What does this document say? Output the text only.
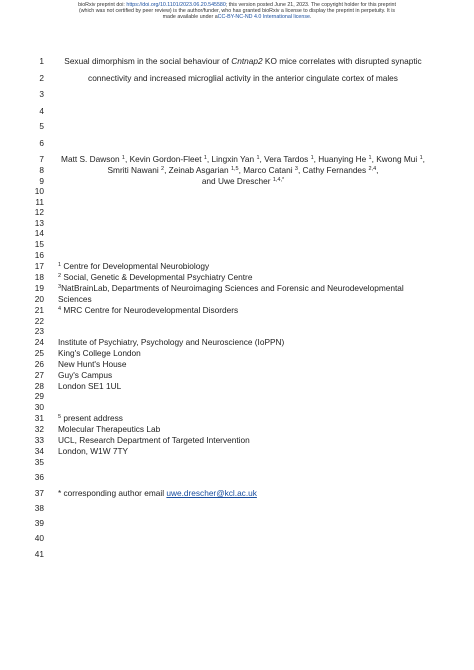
bioRxiv preprint doi: https://doi.org/10.1101/2023.06.20.545580; this version posted June 21, 2023. The copyright holder for this preprint
(which was not certified by peer review) is the author/funder, who has granted bioRxiv a license to display the preprint in perpetuity. It is
made available under aCC-BY-NC-ND 4.0 International license.
1
2
3
4
5
6
7
8
9
10
11
12
13
14
15
16
17
18
19
20
21
22
23
24
25
26
27
28
29
30
31
32
33
34
35
36
37
38
39
40
41
Sexual dimorphism in the social behaviour of Cntnap2 KO mice correlates with disrupted synaptic
connectivity and increased microglial activity in the anterior cingulate cortex of males
Matt S. Dawson $^1$, Kevin Gordon-Fleet $^1$, Lingxin Yan $^1$, Vera Tardos $^1$, Huanying He $^1$, Kwong Mui $^1$,
Smriti Nawani $^2$, Zeinab Asgarian $^{1,5}$, Marco Catani $^3$, Cathy Fernandes $^{2,4}$,
and Uwe Drescher $^{1,4,*}$
$^1$ Centre for Developmental Neurobiology
$^2$ Social, Genetic & Developmental Psychiatry Centre
$^3$NatBrainLab, Departments of Neuroimaging Sciences and Forensic and Neurodevelopmental
Sciences
$^4$ MRC Centre for Neurodevelopmental Disorders
Institute of Psychiatry, Psychology and Neuroscience (IoPPN)
King's College London
New Hunt's House
Guy's Campus
London SE1 1UL
$^5$ present address
Molecular Therapeutics Lab
UCL, Research Department of Targeted Intervention
London, W1W 7TY
* corresponding author email uwe.drescher@kcl.ac.uk
